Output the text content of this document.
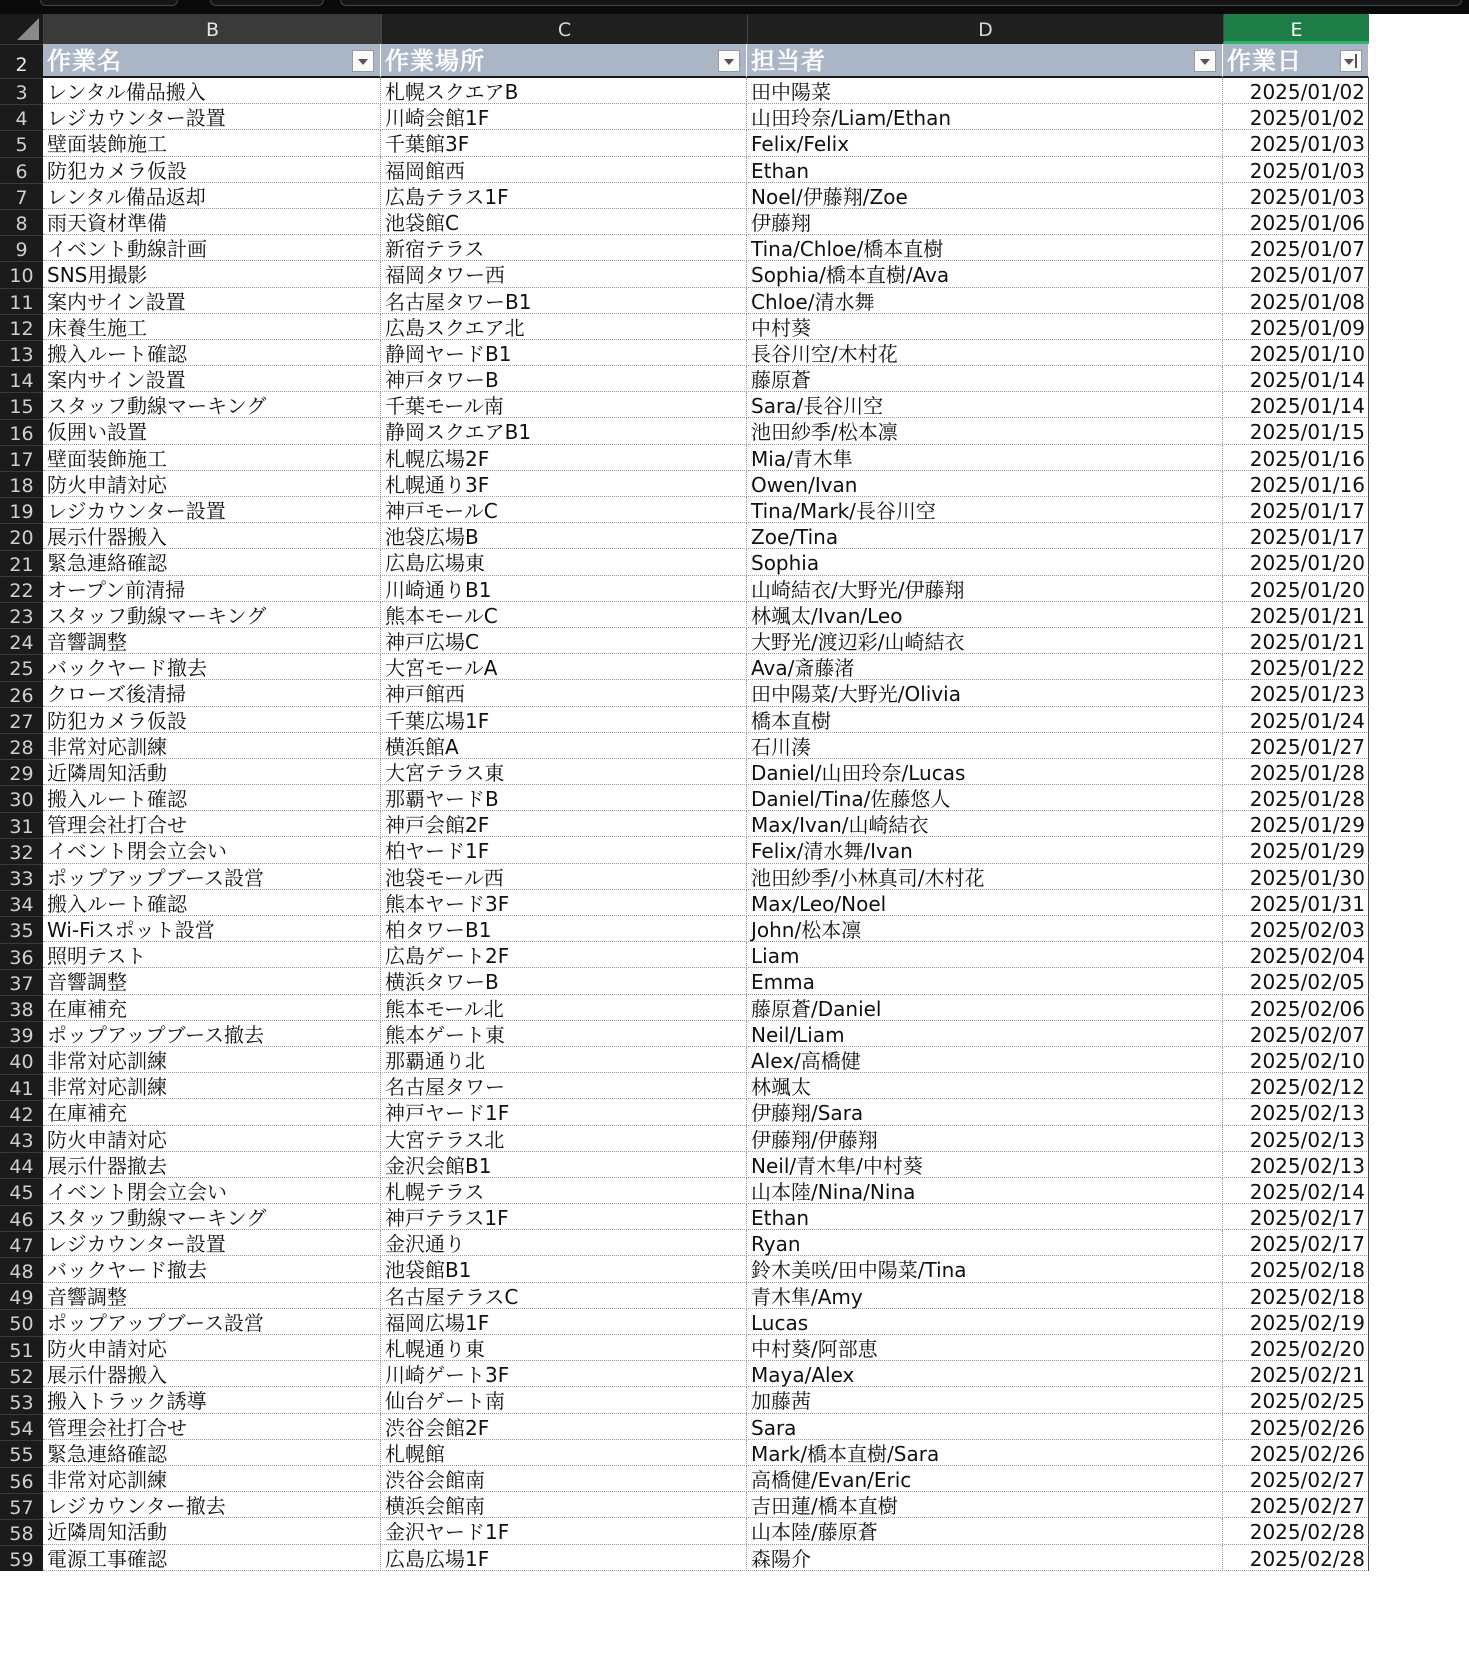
B	C	D	E
2 作業名	作業場所	担当者	作業日
3
4
5
6
7
8
9
10
11
12
13
14
15
16
17
18
19
20
21
22
23
24
25
26
27
28
29
30
31
32
33
34
35
36
37
38
39
40
41
42
43
44
45
46
47
48
49
50
51
52
53
54
55
56
57
58
59
レンタル備品搬入	札幌スクエアB	田中陽菜	2025/01/02
レジカウンター設置	川崎会館1F	山田玲奈/Liam/Ethan	2025/01/02
壁面装飾施工	千葉館3F	Felix/Felix	2025/01/03
防犯カメラ仮設	福岡館西	Ethan	2025/01/03
レンタル備品返却	広島テラス1F	Noel/伊藤翔/Zoe	2025/01/03
雨天資材準備	池袋館C	伊藤翔	2025/01/06
イベント動線計画	新宿テラス	Tina/Chloe/橋本直樹	2025/01/07
SNS用撮影	福岡タワー西	Sophia/橋本直樹/Ava	2025/01/07
案内サイン設置	名古屋タワーB1	Chloe/清水舞	2025/01/08
床養生施工	広島スクエア北	中村葵	2025/01/09
搬入ルート確認	静岡ヤードB1	長谷川空/木村花	2025/01/10
案内サイン設置	神戸タワーB	藤原蒼	2025/01/14
スタッフ動線マーキング	千葉モール南	Sara/長谷川空	2025/01/14
仮囲い設置	静岡スクエアB1	池田紗季/松本凛	2025/01/15
壁面装飾施工	札幌広場2F	Mia/青木隼	2025/01/16
防火申請対応	札幌通り3F	Owen/Ivan	2025/01/16
レジカウンター設置	神戸モールC	Tina/Mark/長谷川空	2025/01/17
展示什器搬入	池袋広場B	Zoe/Tina	2025/01/17
緊急連絡確認	広島広場東	Sophia	2025/01/20
オープン前清掃	川崎通りB1	山崎結衣/大野光/伊藤翔	2025/01/20
スタッフ動線マーキング	熊本モールC	林颯太/Ivan/Leo	2025/01/21
音響調整	神戸広場C	大野光/渡辺彩/山崎結衣	2025/01/21
バックヤード撤去	大宮モールA	Ava/斎藤渚	2025/01/22
クローズ後清掃	神戸館西	田中陽菜/大野光/Olivia	2025/01/23
防犯カメラ仮設	千葉広場1F	橋本直樹	2025/01/24
非常対応訓練	横浜館A	石川湊	2025/01/27
近隣周知活動	大宮テラス東	Daniel/山田玲奈/Lucas	2025/01/28
搬入ルート確認	那覇ヤードB	Daniel/Tina/佐藤悠人	2025/01/28
管理会社打合せ	神戸会館2F	Max/Ivan/山崎結衣	2025/01/29
イベント閉会立会い	柏ヤード1F	Felix/清水舞/Ivan	2025/01/29
ポップアップブース設営	池袋モール西	池田紗季/小林真司/木村花	2025/01/30
搬入ルート確認	熊本ヤード3F	Max/Leo/Noel	2025/01/31
Wi-Fiスポット設営	柏タワーB1	John/松本凛	2025/02/03
照明テスト	広島ゲート2F	Liam	2025/02/04
音響調整	横浜タワーB	Emma	2025/02/05
在庫補充	熊本モール北	藤原蒼/Daniel	2025/02/06
ポップアップブース撤去	熊本ゲート東	Neil/Liam	2025/02/07
非常対応訓練	那覇通り北	Alex/高橋健	2025/02/10
非常対応訓練	名古屋タワー	林颯太	2025/02/12
在庫補充	神戸ヤード1F	伊藤翔/Sara	2025/02/13
防火申請対応	大宮テラス北	伊藤翔/伊藤翔	2025/02/13
展示什器撤去	金沢会館B1	Neil/青木隼/中村葵	2025/02/13
イベント閉会立会い	札幌テラス	山本陸/Nina/Nina	2025/02/14
スタッフ動線マーキング	神戸テラス1F	Ethan	2025/02/17
レジカウンター設置	金沢通り	Ryan	2025/02/17
バックヤード撤去	池袋館B1	鈴木美咲/田中陽菜/Tina	2025/02/18
音響調整	名古屋テラスC	青木隼/Amy	2025/02/18
ポップアップブース設営	福岡広場1F	Lucas	2025/02/19
防火申請対応	札幌通り東	中村葵/阿部恵	2025/02/20
展示什器搬入	川崎ゲート3F	Maya/Alex	2025/02/21
搬入トラック誘導	仙台ゲート南	加藤茜	2025/02/25
管理会社打合せ	渋谷会館2F	Sara	2025/02/26
緊急連絡確認	札幌館	Mark/橋本直樹/Sara	2025/02/26
非常対応訓練	渋谷会館南	高橋健/Evan/Eric	2025/02/27
レジカウンター撤去	横浜会館南	吉田蓮/橋本直樹	2025/02/27
近隣周知活動	金沢ヤード1F	山本陸/藤原蒼	2025/02/28
電源工事確認	広島広場1F	森陽介	2025/02/28
